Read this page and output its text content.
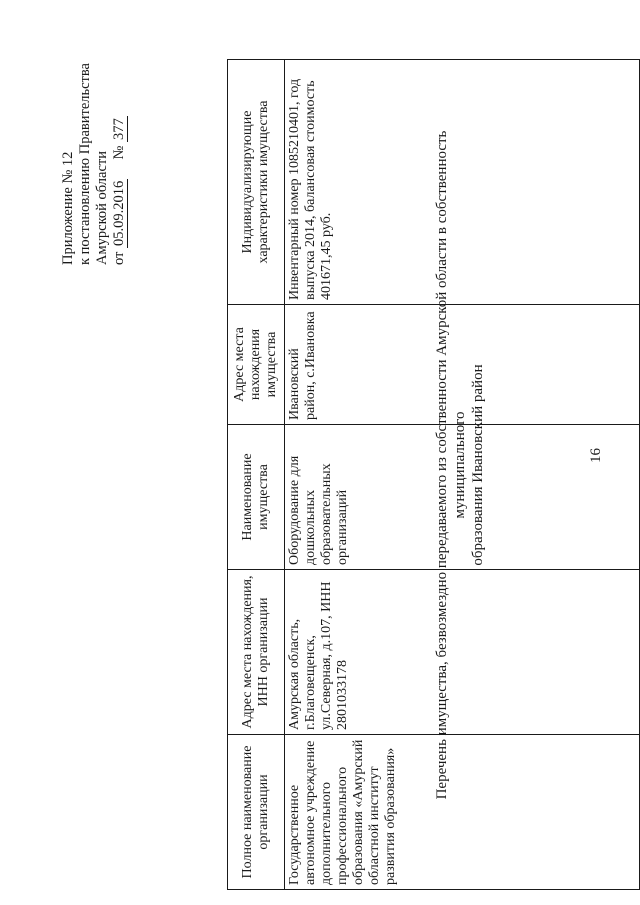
16
Приложение № 12 к постановлению Правительства Амурской области от 05.09.2016  № 377
Перечень имущества, безвозмездно передаваемого из собственности Амурской области в собственность муниципального образования Ивановский район
Полное наименование организации	Адрес места нахождения, ИНН организации	Наименование имущества	Адрес места нахождения имущества	Индивидуализирующие характеристики имущества
Государственное автономное учреждение дополнительного профессионального образования «Амурский областной институт развития образования»	Амурская область, г.Благовещенск, ул.Северная, д.107, ИНН 2801033178	Оборудование для дошкольных образовательных организаций	Ивановский район, с.Ивановка	Инвентарный номер 1085210401, год выпуска 2014, балансовая стоимость 401671,45 руб.
